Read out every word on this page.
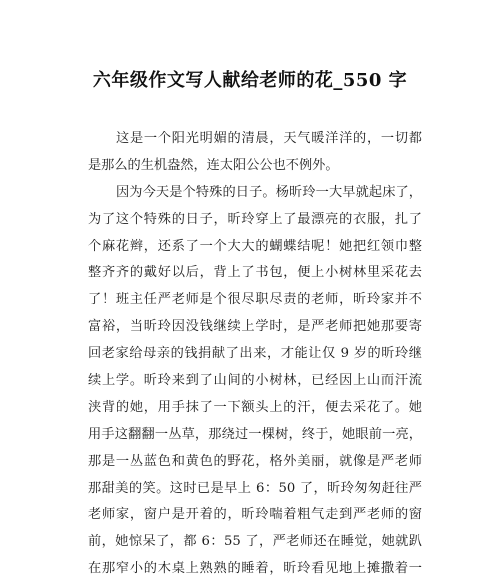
六年级作文写人献给老师的花_550 字
这是一个阳光明媚的清晨，天气暖洋洋的，一切都
是那么的生机盎然，连太阳公公也不例外。
因为今天是个特殊的日子。杨昕玲一大早就起床了，
为了这个特殊的日子，昕玲穿上了最漂亮的衣服，扎了
个麻花辫，还系了一个大大的蝴蝶结呢！她把红领巾整
整齐齐的戴好以后，背上了书包，便上小树林里采花去
了！班主任严老师是个很尽职尽责的老师，昕玲家并不
富裕，当昕玲因没钱继续上学时，是严老师把她那要寄
回老家给母亲的钱捐献了出来，才能让仅 9 岁的昕玲继
续上学。昕玲来到了山间的小树林，已经因上山而汗流
浃背的她，用手抹了一下额头上的汗，便去采花了。她
用手这翻翻一丛草，那绕过一棵树，终于，她眼前一亮，
那是一丛蓝色和黄色的野花，格外美丽，就像是严老师
那甜美的笑。这时已是早上 6：50 了，昕玲匆匆赶往严
老师家，窗户是开着的，昕玲喘着粗气走到严老师的窗
前，她惊呆了，都 6：55 了，严老师还在睡觉，她就趴
在那窄小的木桌上熟熟的睡着，昕玲看见地上摊撒着一
